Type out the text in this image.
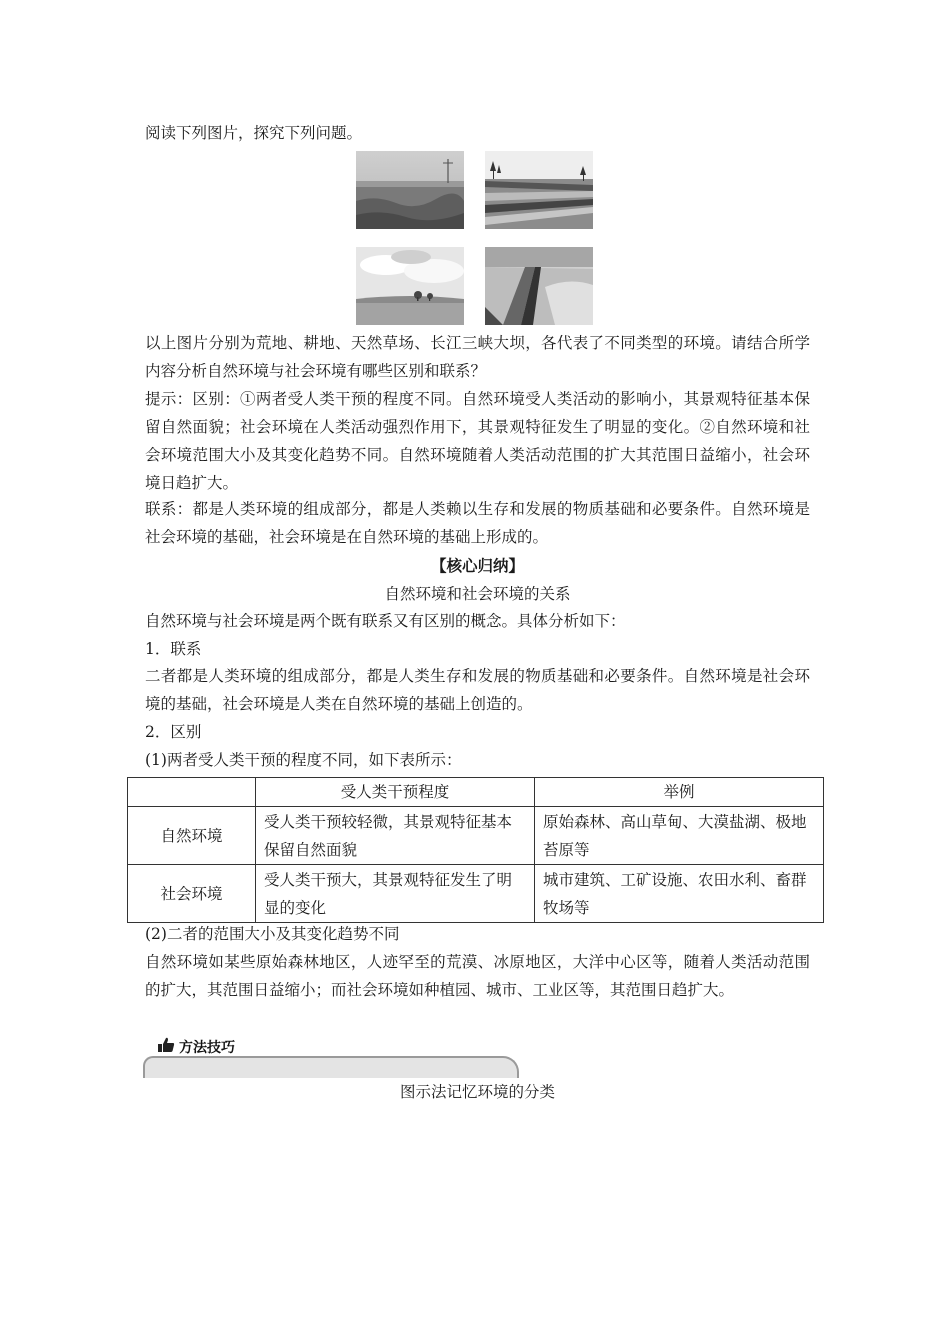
阅读下列图片，探究下列问题。

以上图片分别为荒地、耕地、天然草场、长江三峡大坝，各代表了不同类型的环境。请结合所学内容分析自然环境与社会环境有哪些区别和联系？

提示：区别：①两者受人类干预的程度不同。自然环境受人类活动的影响小，其景观特征基本保留自然面貌；社会环境在人类活动强烈作用下，其景观特征发生了明显的变化。②自然环境和社会环境范围大小及其变化趋势不同。自然环境随着人类活动范围的扩大其范围日益缩小，社会环境日趋扩大。

联系：都是人类环境的组成部分，都是人类赖以生存和发展的物质基础和必要条件。自然环境是社会环境的基础，社会环境是在自然环境的基础上形成的。

【核心归纳】

自然环境和社会环境的关系

自然环境与社会环境是两个既有联系又有区别的概念。具体分析如下：

1．联系

二者都是人类环境的组成部分，都是人类生存和发展的物质基础和必要条件。自然环境是社会环境的基础，社会环境是人类在自然环境的基础上创造的。

2．区别

(1)两者受人类干预的程度不同，如下表所示：

	受人类干预程度	举例
自然环境	受人类干预较轻微，其景观特征基本保留自然面貌	原始森林、高山草甸、大漠盐湖、极地苔原等
社会环境	受人类干预大，其景观特征发生了明显的变化	城市建筑、工矿设施、农田水利、畜群牧场等

(2)二者的范围大小及其变化趋势不同

自然环境如某些原始森林地区，人迹罕至的荒漠、冰原地区，大洋中心区等，随着人类活动范围的扩大，其范围日益缩小；而社会环境如种植园、城市、工业区等，其范围日趋扩大。

方法技巧

图示法记忆环境的分类
